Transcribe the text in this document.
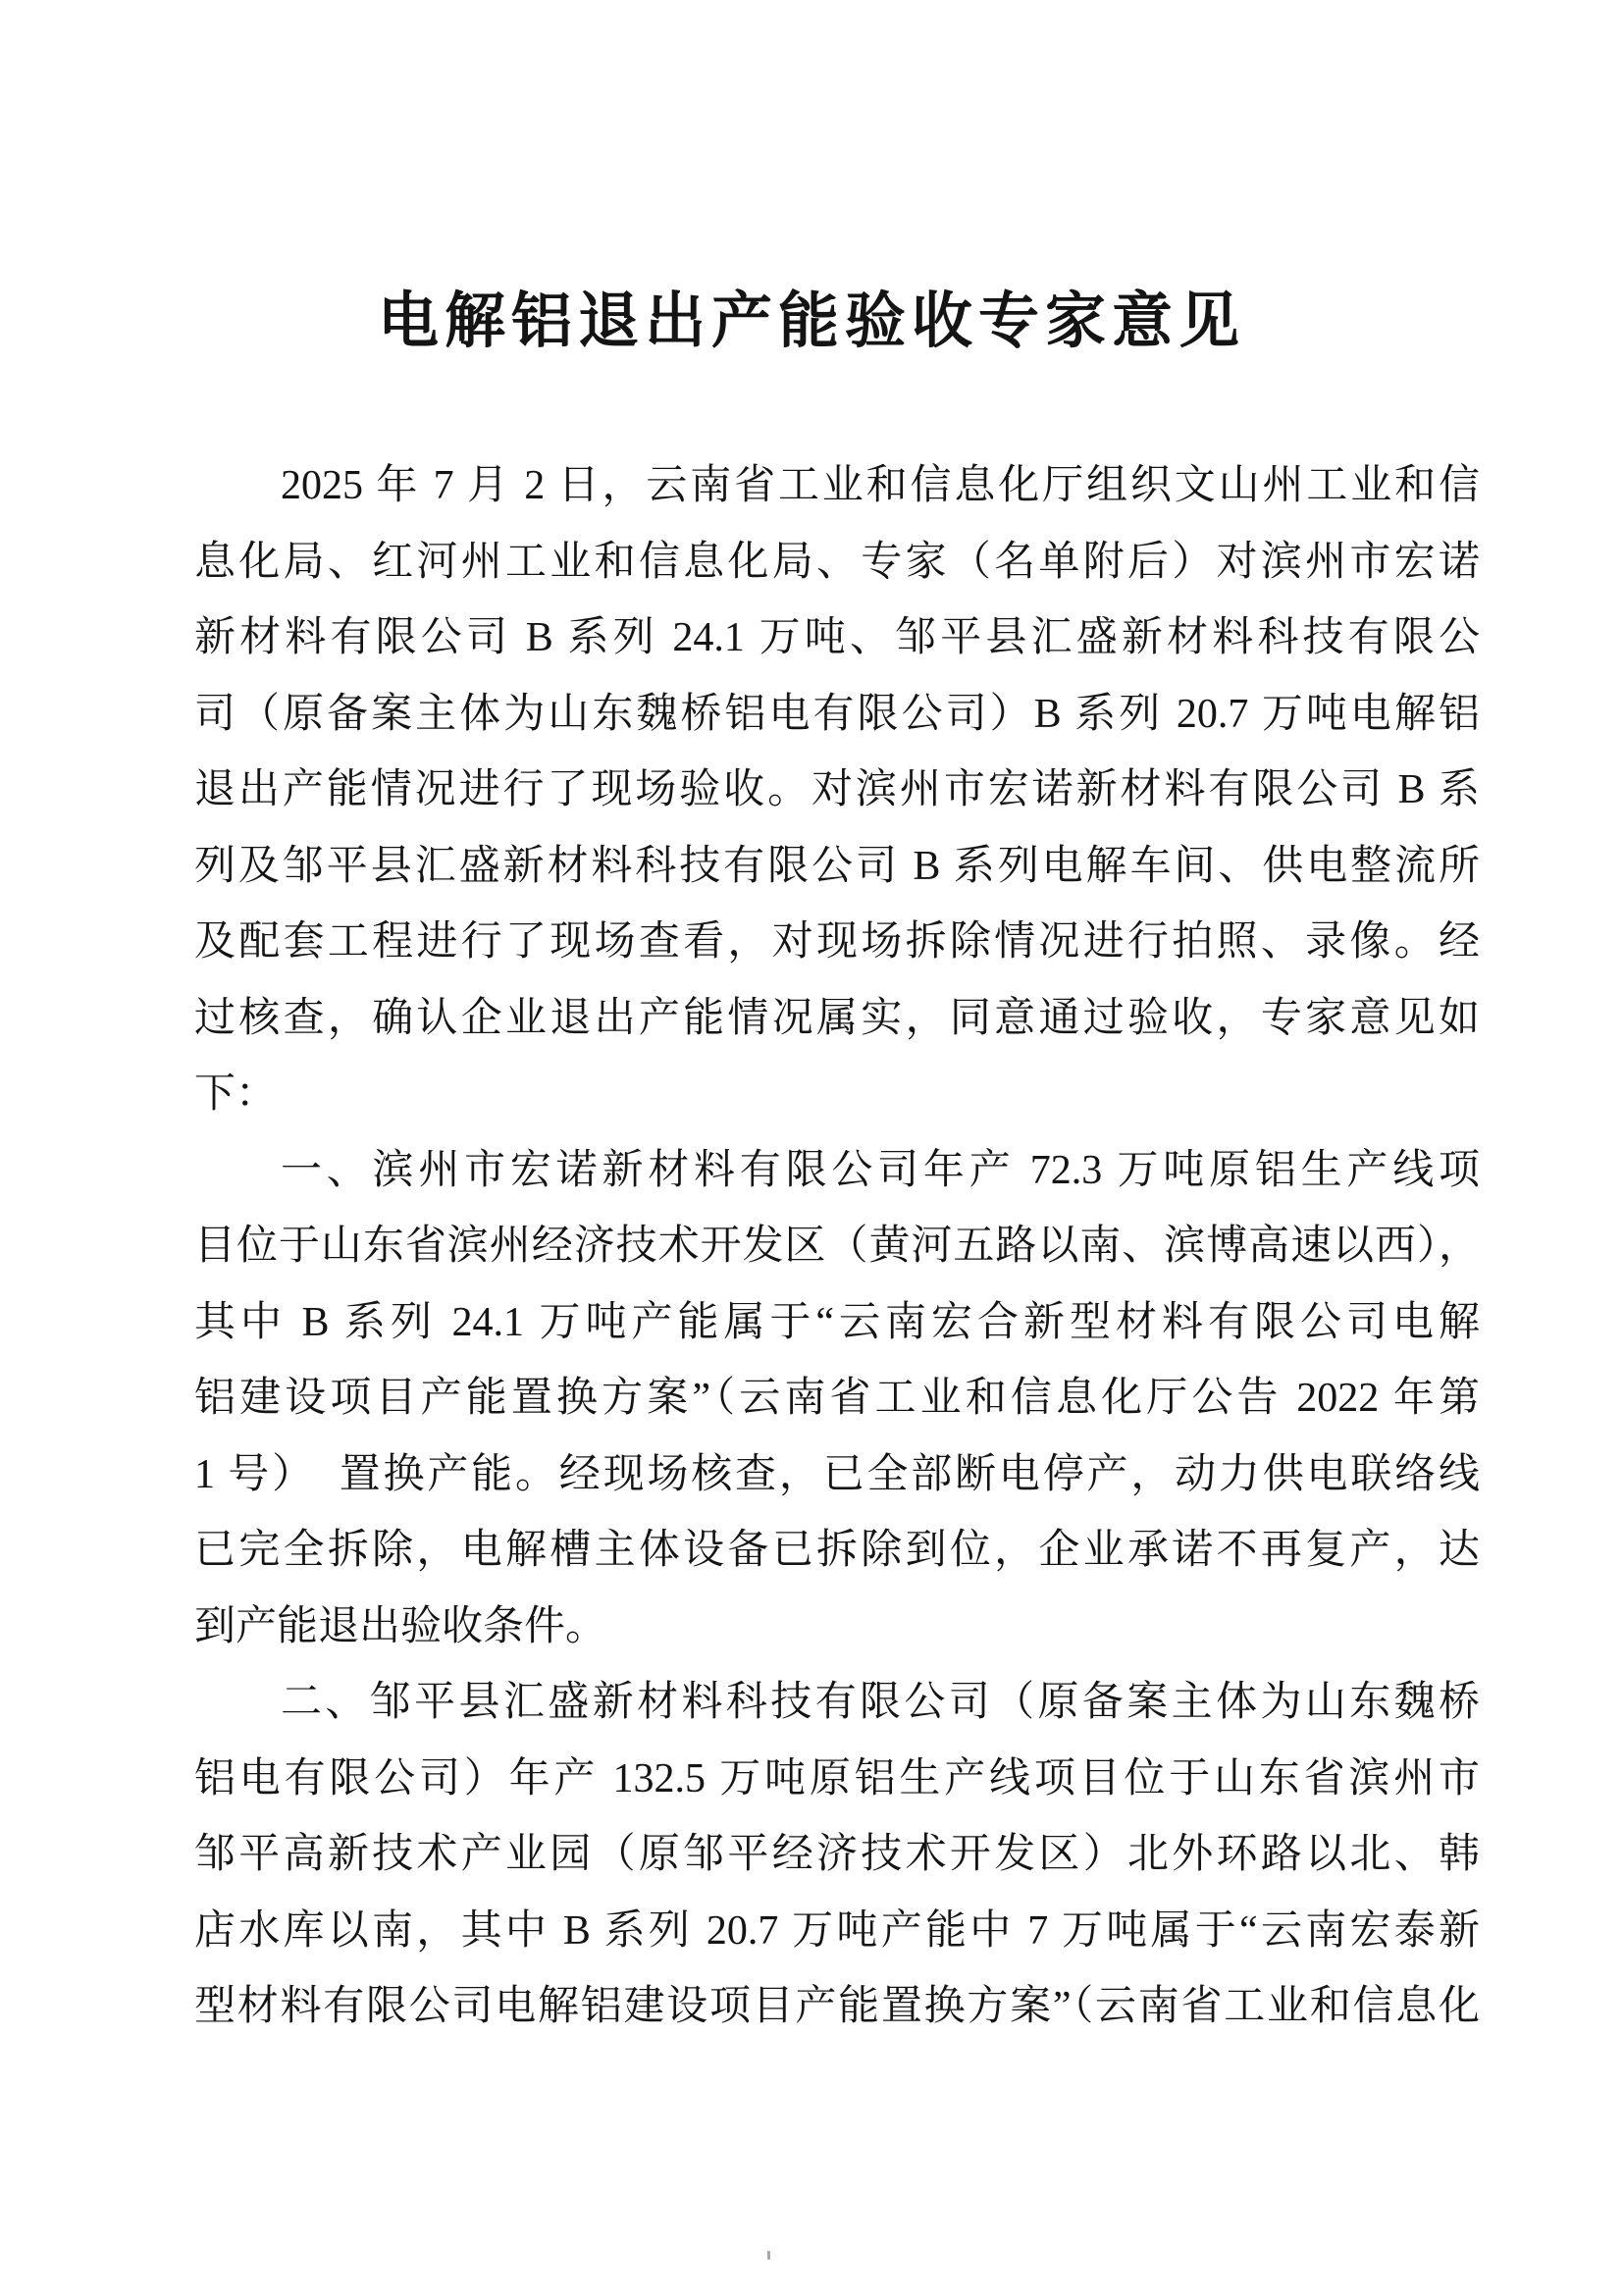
电解铝退出产能验收专家意见
2025 年 7 月 2 日，云南省工业和信息化厅组织文山州工业和信
息化局、红河州工业和信息化局、专家（名单附后）对滨州市宏诺
新材料有限公司 B 系列 24.1 万吨、邹平县汇盛新材料科技有限公
司（原备案主体为山东魏桥铝电有限公司）B 系列 20.7 万吨电解铝
退出产能情况进行了现场验收。对滨州市宏诺新材料有限公司 B 系
列及邹平县汇盛新材料科技有限公司 B 系列电解车间、供电整流所
及配套工程进行了现场查看，对现场拆除情况进行拍照、录像。经
过核查，确认企业退出产能情况属实，同意通过验收，专家意见如
下：
一、滨州市宏诺新材料有限公司年产 72.3 万吨原铝生产线项
目位于山东省滨州经济技术开发区（黄河五路以南、滨博高速以西），
其中 B 系列 24.1 万吨产能属于“云南宏合新型材料有限公司电解
铝建设项目产能置换方案”（云南省工业和信息化厅公告 2022 年第
1 号）　置换产能。经现场核查，已全部断电停产，动力供电联络线
已完全拆除，电解槽主体设备已拆除到位，企业承诺不再复产，达
到产能退出验收条件。
二、邹平县汇盛新材料科技有限公司（原备案主体为山东魏桥
铝电有限公司）年产 132.5 万吨原铝生产线项目位于山东省滨州市
邹平高新技术产业园（原邹平经济技术开发区）北外环路以北、韩
店水库以南，其中 B 系列 20.7 万吨产能中 7 万吨属于“云南宏泰新
型材料有限公司电解铝建设项目产能置换方案”（云南省工业和信息化
